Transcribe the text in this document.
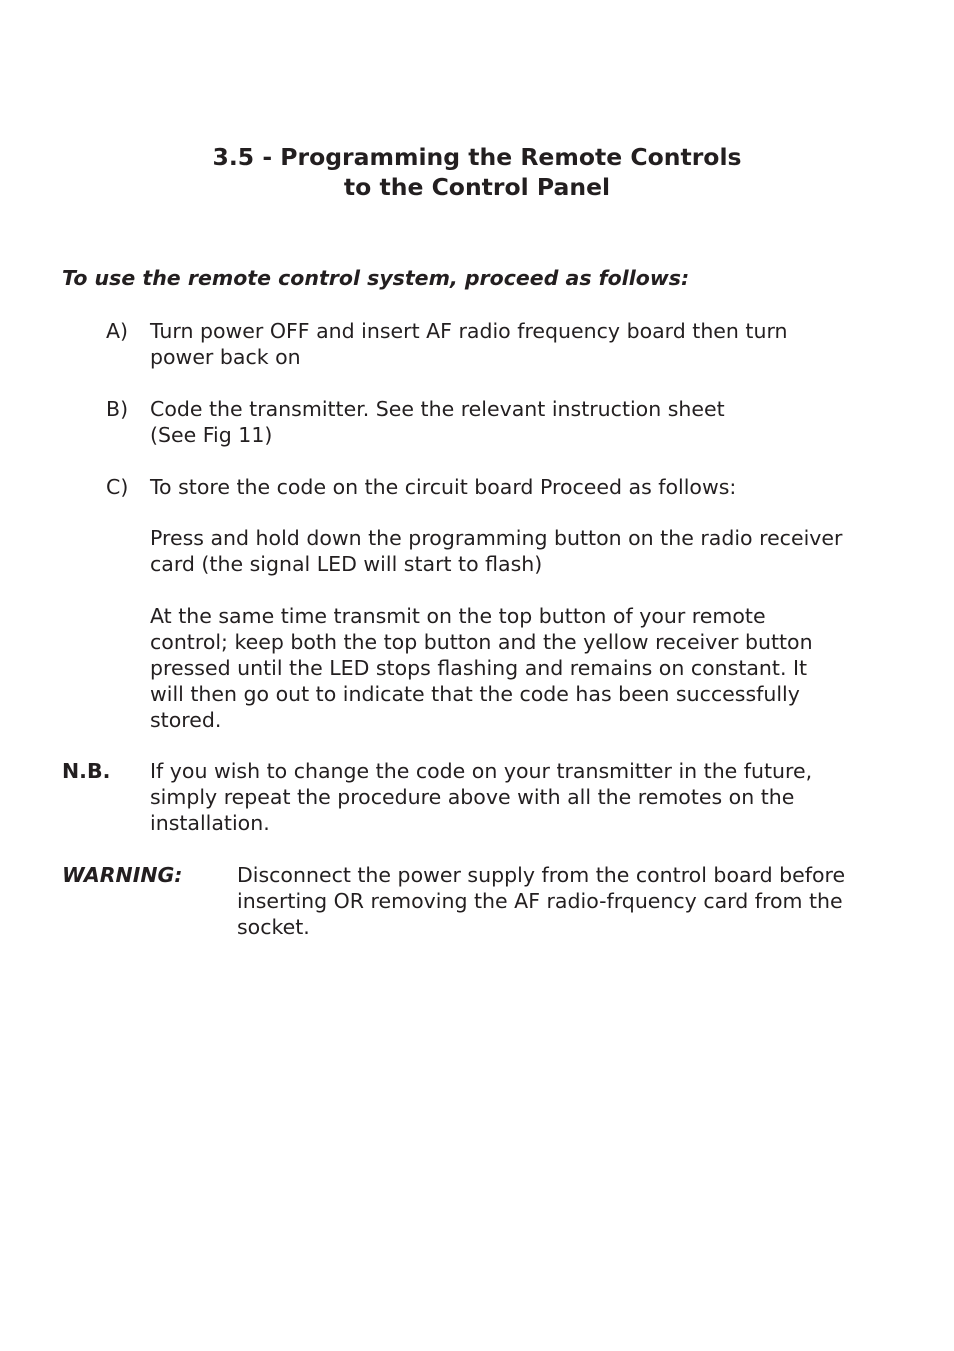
3.5 - Programming the Remote Controls
to the Control Panel

To use the remote control system, proceed as follows:

A) Turn power OFF and insert AF radio frequency board then turn
power back on
B) Code the transmitter. See the relevant instruction sheet
(See Fig 11)
C) To store the code on the circuit board Proceed as follows:
Press and hold down the programming button on the radio receiver
card (the signal LED will start to flash)
At the same time transmit on the top button of your remote
control; keep both the top button and the yellow receiver button
pressed until the LED stops flashing and remains on constant. It
will then go out to indicate that the code has been successfully
stored.
N.B. If you wish to change the code on your transmitter in the future,
simply repeat the procedure above with all the remotes on the
installation.
WARNING:	Disconnect the power supply from the control board before
inserting OR removing the AF radio-frquency card from the
socket.
